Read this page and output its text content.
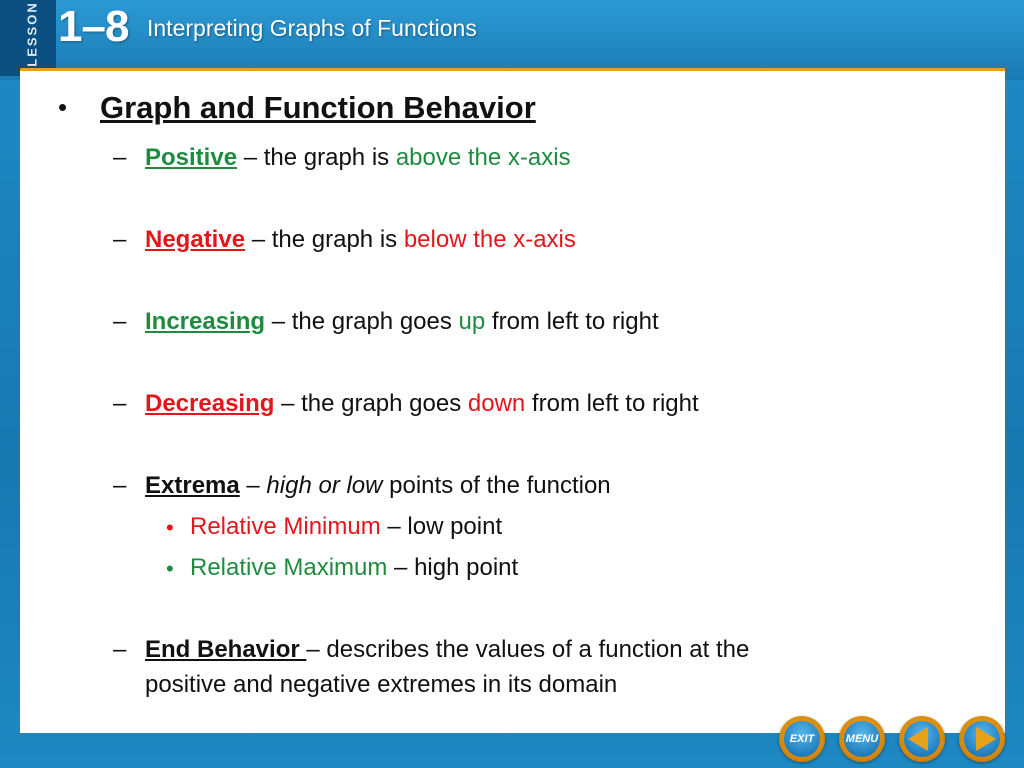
LESSON 1–8 Interpreting Graphs of Functions
• Graph and Function Behavior
– Positive – the graph is above the x-axis
– Negative – the graph is below the x-axis
– Increasing – the graph goes up from left to right
– Decreasing – the graph goes down from left to right
– Extrema – high or low points of the function
• Relative Minimum – low point
• Relative Maximum – high point
– End Behavior – describes the values of a function at the
positive and negative extremes in its domain
EXIT	MENU
